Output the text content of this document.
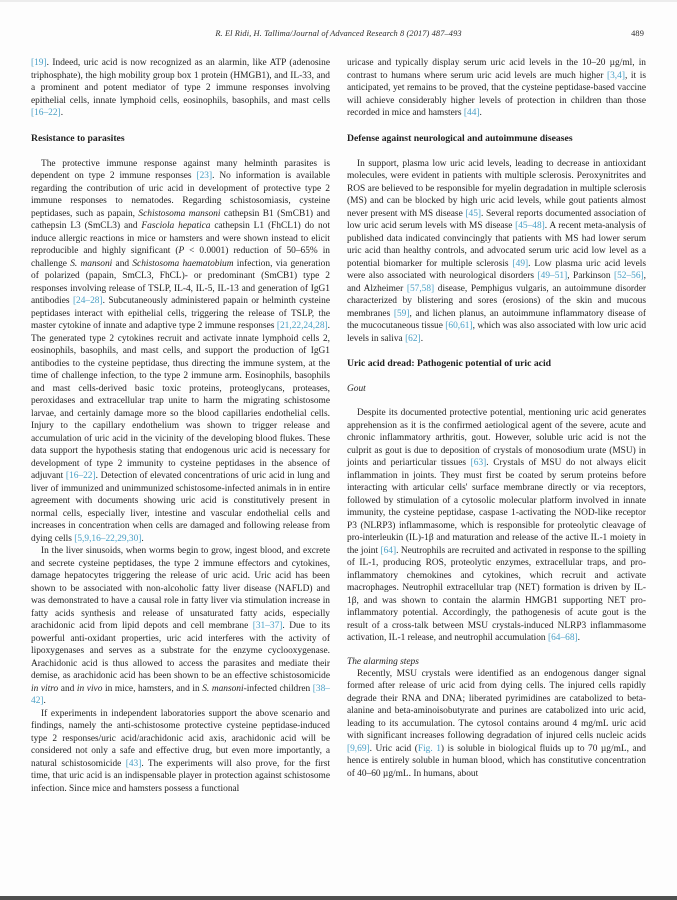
R. El Ridi, H. Tallima/Journal of Advanced Research 8 (2017) 487–493	489

[19]. Indeed, uric acid is now recognized as an alarmin, like ATP (adenosine triphosphate), the high mobility group box 1 protein (HMGB1), and IL-33, and a prominent and potent mediator of type 2 immune responses involving epithelial cells, innate lymphoid cells, eosinophils, basophils, and mast cells [16–22].

Resistance to parasites

The protective immune response against many helminth parasites is dependent on type 2 immune responses [23]. No information is available regarding the contribution of uric acid in development of protective type 2 immune responses to nematodes. Regarding schistosomiasis, cysteine peptidases, such as papain, Schistosoma mansoni cathepsin B1 (SmCB1) and cathepsin L3 (SmCL3) and Fasciola hepatica cathepsin L1 (FhCL1) do not induce allergic reactions in mice or hamsters and were shown instead to elicit reproducible and highly significant (P < 0.0001) reduction of 50–65% in challenge S. mansoni and Schistosoma haematobium infection, via generation of polarized (papain, SmCL3, FhCL)- or predominant (SmCB1) type 2 responses involving release of TSLP, IL-4, IL-5, IL-13 and generation of IgG1 antibodies [24–28]. Subcutaneously administered papain or helminth cysteine peptidases interact with epithelial cells, triggering the release of TSLP, the master cytokine of innate and adaptive type 2 immune responses [21,22,24,28]. The generated type 2 cytokines recruit and activate innate lymphoid cells 2, eosinophils, basophils, and mast cells, and support the production of IgG1 antibodies to the cysteine peptidase, thus directing the immune system, at the time of challenge infection, to the type 2 immune arm. Eosinophils, basophils and mast cells-derived basic toxic proteins, proteoglycans, proteases, peroxidases and extracellular trap unite to harm the migrating schistosome larvae, and certainly damage more so the blood capillaries endothelial cells. Injury to the capillary endothelium was shown to trigger release and accumulation of uric acid in the vicinity of the developing blood flukes. These data support the hypothesis stating that endogenous uric acid is necessary for development of type 2 immunity to cysteine peptidases in the absence of adjuvant [16–22]. Detection of elevated concentrations of uric acid in lung and liver of immunized and unimmunized schistosome-infected animals in in entire agreement with documents showing uric acid is constitutively present in normal cells, especially liver, intestine and vascular endothelial cells and increases in concentration when cells are damaged and following release from dying cells [5,9,16–22,29,30].

In the liver sinusoids, when worms begin to grow, ingest blood, and excrete and secrete cysteine peptidases, the type 2 immune effectors and cytokines, damage hepatocytes triggering the release of uric acid. Uric acid has been shown to be associated with non-alcoholic fatty liver disease (NAFLD) and was demonstrated to have a causal role in fatty liver via stimulation increase in fatty acids synthesis and release of unsaturated fatty acids, especially arachidonic acid from lipid depots and cell membrane [31–37]. Due to its powerful anti-oxidant properties, uric acid interferes with the activity of lipoxygenases and serves as a substrate for the enzyme cyclooxygenase. Arachidonic acid is thus allowed to access the parasites and mediate their demise, as arachidonic acid has been shown to be an effective schistosomicide in vitro and in vivo in mice, hamsters, and in S. mansoni-infected children [38–42].

If experiments in independent laboratories support the above scenario and findings, namely the anti-schistosome protective cysteine peptidase-induced type 2 responses/uric acid/arachidonic acid axis, arachidonic acid will be considered not only a safe and effective drug, but even more importantly, a natural schistosomicide [43]. The experiments will also prove, for the first time, that uric acid is an indispensable player in protection against schistosome infection. Since mice and hamsters possess a functional

uricase and typically display serum uric acid levels in the 10–20 µg/ml, in contrast to humans where serum uric acid levels are much higher [3,4], it is anticipated, yet remains to be proved, that the cysteine peptidase-based vaccine will achieve considerably higher levels of protection in children than those recorded in mice and hamsters [44].

Defense against neurological and autoimmune diseases

In support, plasma low uric acid levels, leading to decrease in antioxidant molecules, were evident in patients with multiple sclerosis. Peroxynitrites and ROS are believed to be responsible for myelin degradation in multiple sclerosis (MS) and can be blocked by high uric acid levels, while gout patients almost never present with MS disease [45]. Several reports documented association of low uric acid serum levels with MS disease [45–48]. A recent meta-analysis of published data indicated convincingly that patients with MS had lower serum uric acid than healthy controls, and advocated serum uric acid low level as a potential biomarker for multiple sclerosis [49]. Low plasma uric acid levels were also associated with neurological disorders [49–51], Parkinson [52–56], and Alzheimer [57,58] disease, Pemphigus vulgaris, an autoimmune disorder characterized by blistering and sores (erosions) of the skin and mucous membranes [59], and lichen planus, an autoimmune inflammatory disease of the mucocutaneous tissue [60,61], which was also associated with low uric acid levels in saliva [62].

Uric acid dread: Pathogenic potential of uric acid
Gout

Despite its documented protective potential, mentioning uric acid generates apprehension as it is the confirmed aetiological agent of the severe, acute and chronic inflammatory arthritis, gout. However, soluble uric acid is not the culprit as gout is due to deposition of crystals of monosodium urate (MSU) in joints and periarticular tissues [63]. Crystals of MSU do not always elicit inflammation in joints. They must first be coated by serum proteins before interacting with articular cells' surface membrane directly or via receptors, followed by stimulation of a cytosolic molecular platform involved in innate immunity, the cysteine peptidase, caspase 1-activating the NOD-like receptor P3 (NLRP3) inflammasome, which is responsible for proteolytic cleavage of pro-interleukin (IL)-1β and maturation and release of the active IL-1 moiety in the joint [64]. Neutrophils are recruited and activated in response to the spilling of IL-1, producing ROS, proteolytic enzymes, extracellular traps, and pro-inflammatory chemokines and cytokines, which recruit and activate macrophages. Neutrophil extracellular trap (NET) formation is driven by IL-1β, and was shown to contain the alarmin HMGB1 supporting NET pro-inflammatory potential. Accordingly, the pathogenesis of acute gout is the result of a cross-talk between MSU crystals-induced NLRP3 inflammasome activation, IL-1 release, and neutrophil accumulation [64–68].

The alarming steps

Recently, MSU crystals were identified as an endogenous danger signal formed after release of uric acid from dying cells. The injured cells rapidly degrade their RNA and DNA; liberated pyrimidines are catabolized to beta-alanine and beta-aminoisobutyrate and purines are catabolized into uric acid, leading to its accumulation. The cytosol contains around 4 mg/mL uric acid with significant increases following degradation of injured cells nucleic acids [9,69]. Uric acid (Fig. 1) is soluble in biological fluids up to 70 µg/mL, and hence is entirely soluble in human blood, which has constitutive concentration of 40–60 µg/mL. In humans, about
